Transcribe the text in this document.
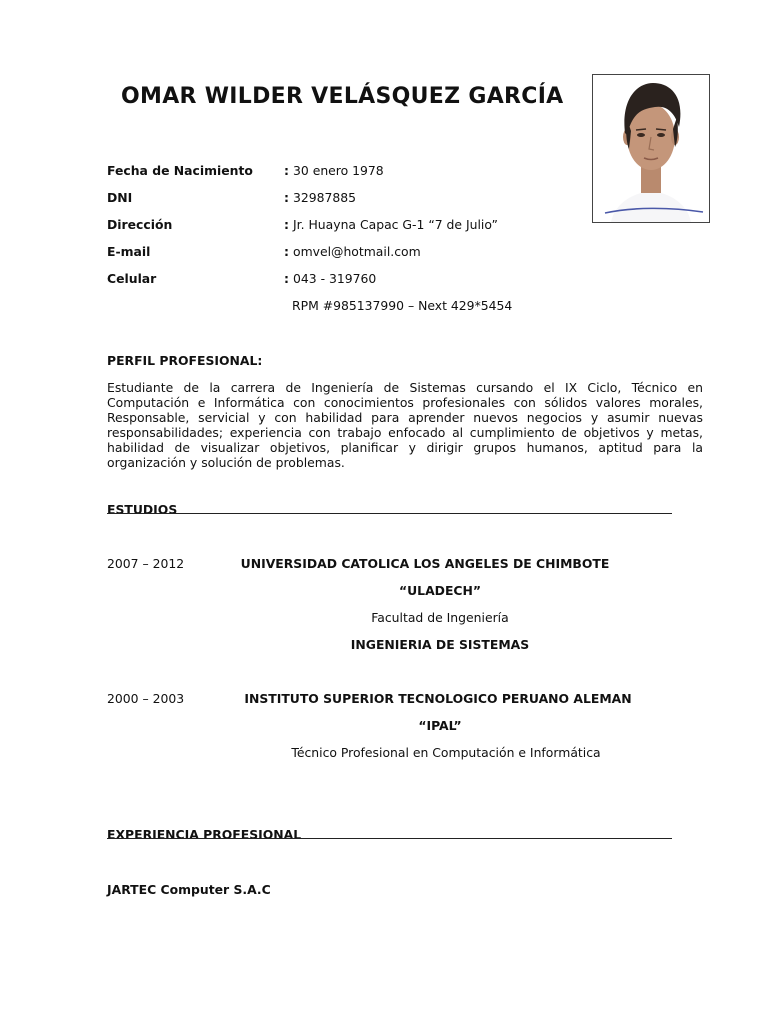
OMAR WILDER VELÁSQUEZ GARCÍA
Fecha de Nacimiento	: 30 enero 1978
DNI	: 32987885
Dirección	: Jr. Huayna Capac G-1 “7 de Julio”
E-mail	: omvel@hotmail.com
Celular	: 043 - 319760
RPM #985137990 – Next 429*5454
PERFIL PROFESIONAL:

Estudiante de la carrera de Ingeniería de Sistemas cursando el IX Ciclo, Técnico en Computación e Informática con conocimientos profesionales con sólidos valores morales, Responsable, servicial y con habilidad para aprender nuevos negocios y asumir nuevas responsabilidades; experiencia con trabajo enfocado al cumplimiento de objetivos y metas, habilidad de visualizar objetivos, planificar y dirigir grupos humanos, aptitud para la organización y solución de problemas.

ESTUDIOS
2007 – 2012	UNIVERSIDAD CATOLICA LOS ANGELES DE CHIMBOTE
“ULADECH”
Facultad de Ingeniería
INGENIERIA DE SISTEMAS
2000 – 2003	INSTITUTO SUPERIOR TECNOLOGICO PERUANO ALEMAN
“IPAL”
Técnico Profesional en Computación e Informática
EXPERIENCIA PROFESIONAL
JARTEC Computer S.A.C
